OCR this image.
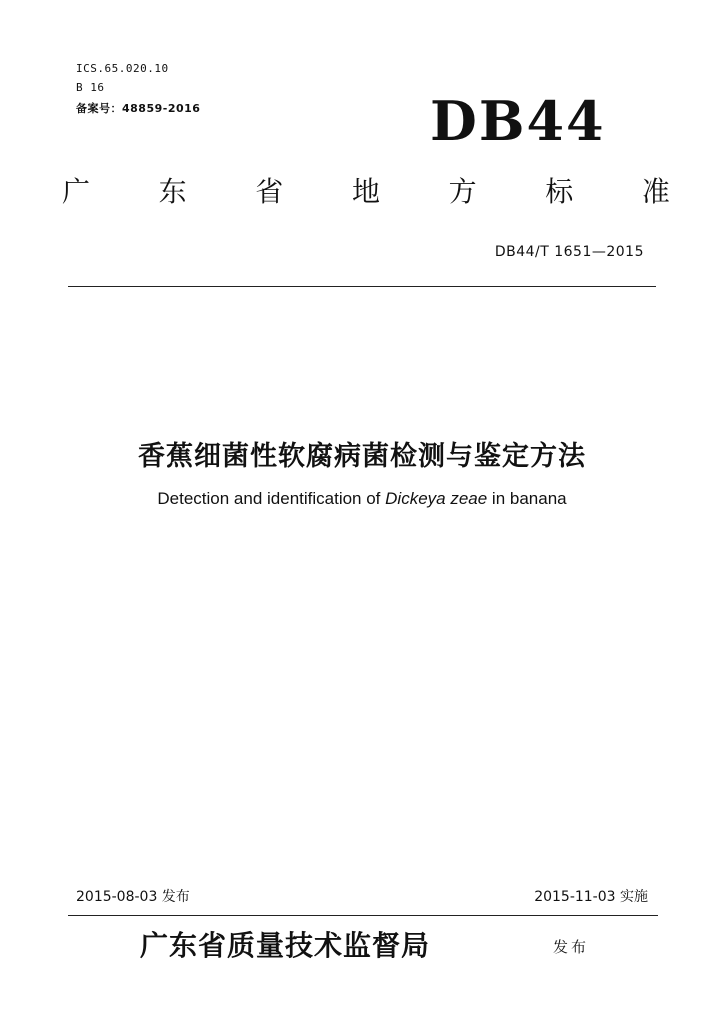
ICS.65.020.10
B 16
备案号：48859-2016	DB44
广 东 省 地 方 标 准
DB44/T 1651—2015
香蕉细菌性软腐病菌检测与鉴定方法
Detection and identification of Dickeya zeae in banana
2015-08-03 发布	2015-11-03 实施
广东省质量技术监督局	发布
